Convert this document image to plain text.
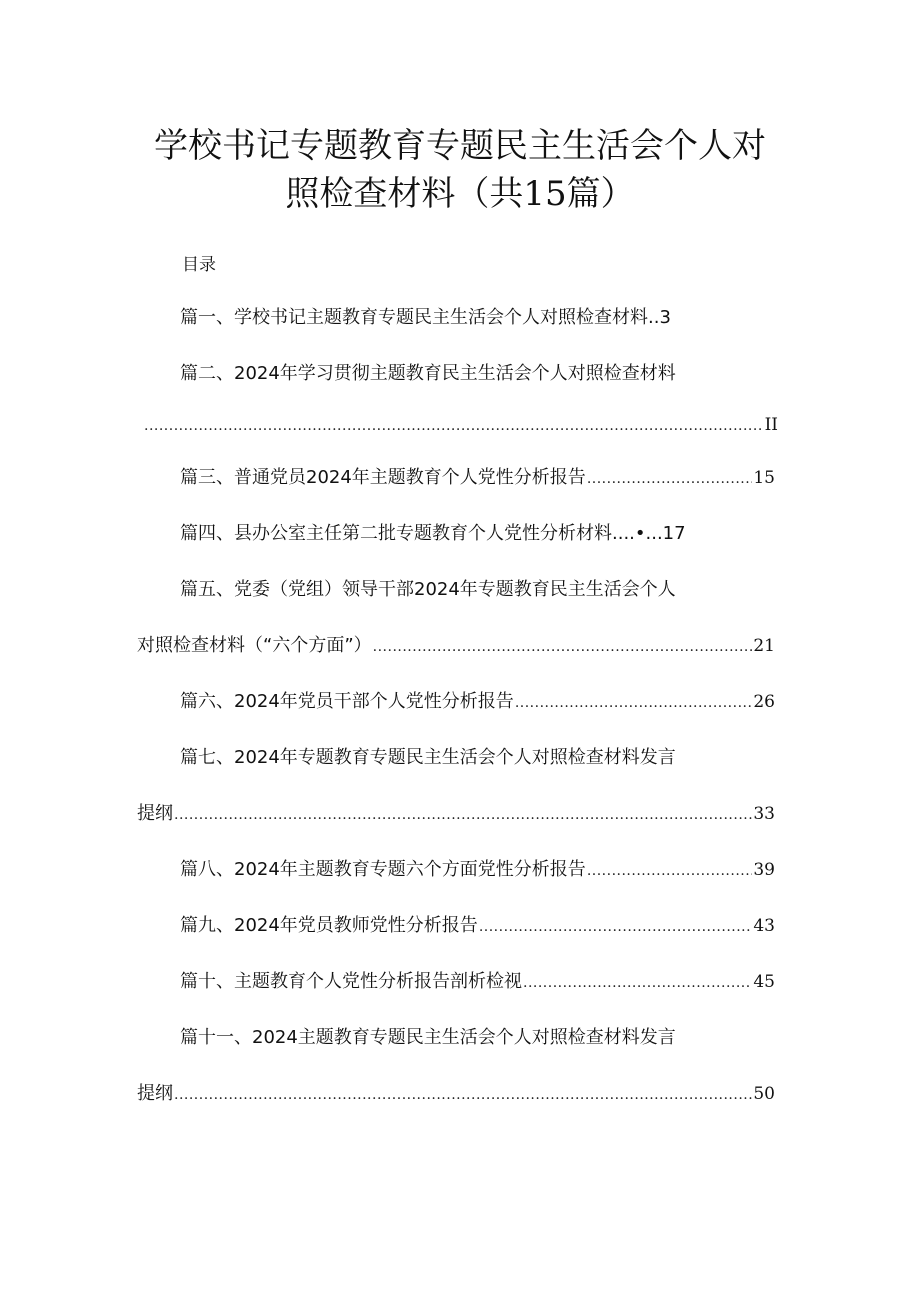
学校书记专题教育专题民主生活会个人对
照检查材料（共15篇）
目录
篇一、学校书记主题教育专题民主生活会个人对照检查材料..3
篇二、2024年学习贯彻主题教育民主生活会个人对照检查材料
.....
II
篇三、普通党员2024年主题教育个人党性分析报告 .....	15
篇四、县办公室主任第二批专题教育个人党性分析材料....•...17
篇五、党委（党组）领导干部2024年专题教育民主生活会个人
对照检查材料（“六个方面”） .....	21
篇六、2024年党员干部个人党性分析报告 .....	26
篇七、2024年专题教育专题民主生活会个人对照检查材料发言
提纲 .....	33
篇八、2024年主题教育专题六个方面党性分析报告 .....	39
篇九、2024年党员教师党性分析报告 .....	43
篇十、主题教育个人党性分析报告剖析检视 .....	45
篇十一、2024主题教育专题民主生活会个人对照检查材料发言
提纲 .....	50
